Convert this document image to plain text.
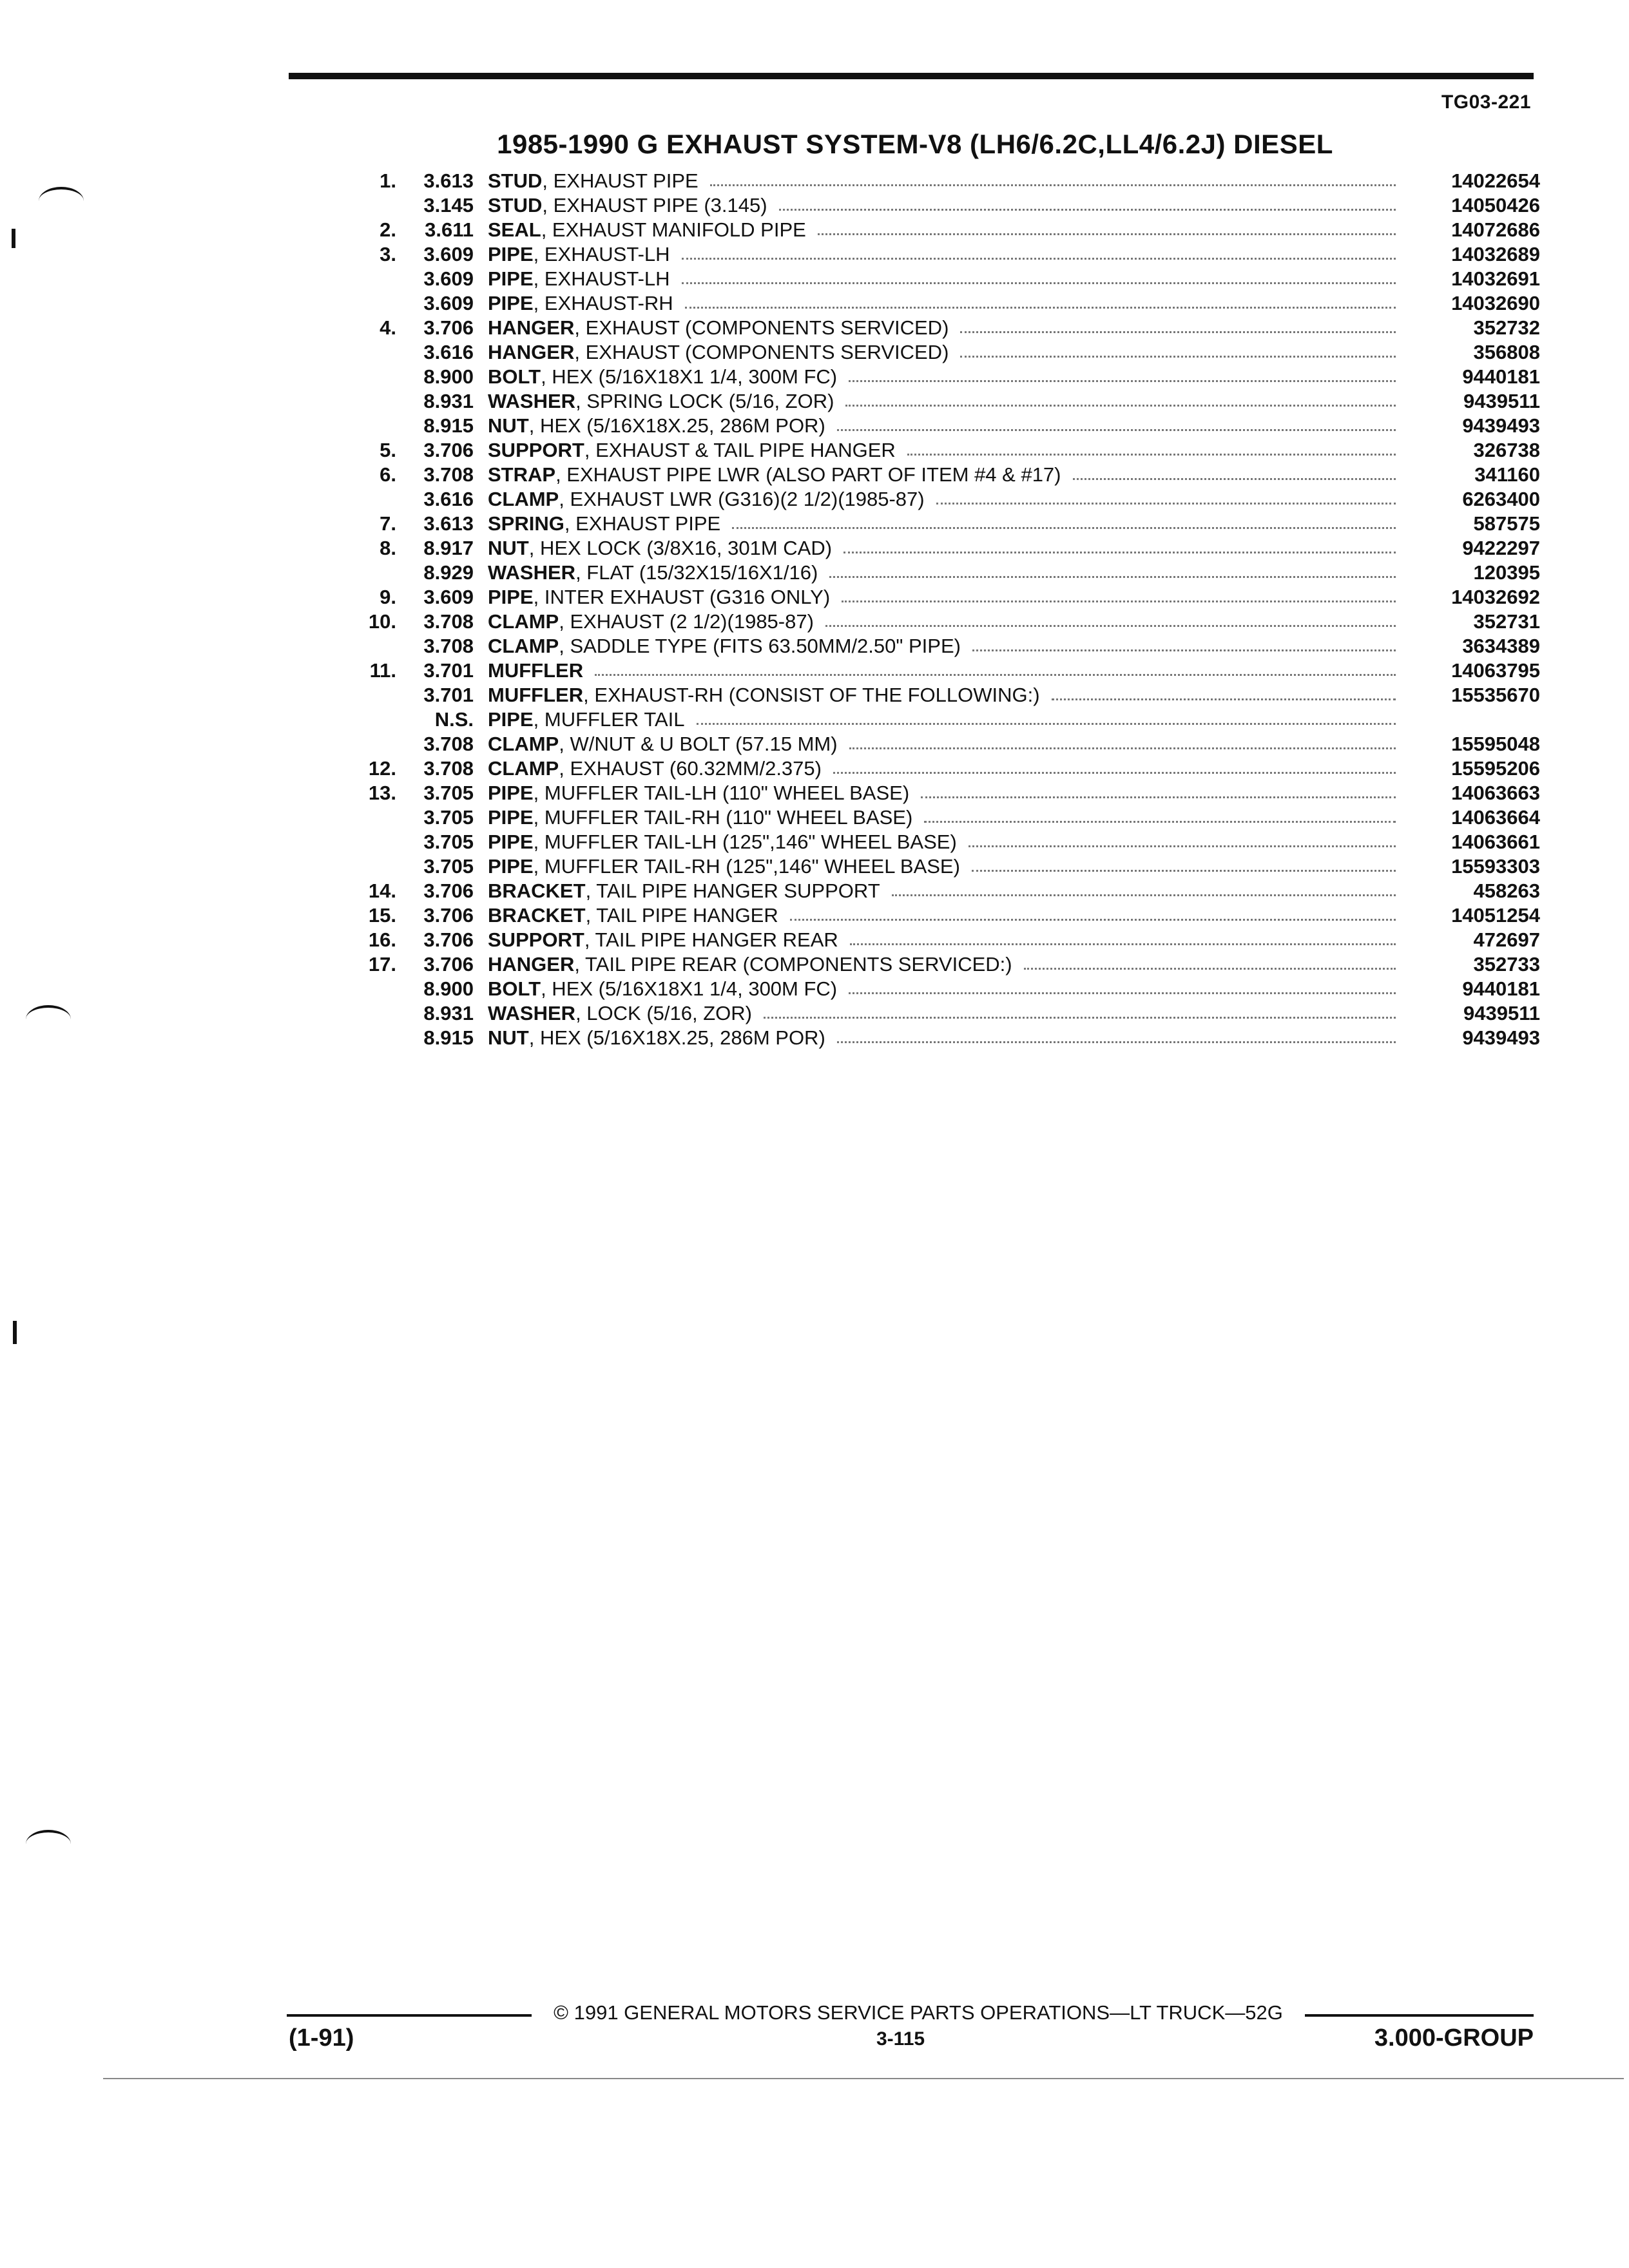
TG03-221
1985-1990 G EXHAUST SYSTEM-V8 (LH6/6.2C,LL4/6.2J) DIESEL
1.	3.613 STUD, EXHAUST PIPE	14022654
3.145 STUD, EXHAUST PIPE (3.145)	14050426
2.	3.611 SEAL, EXHAUST MANIFOLD PIPE	14072686
3.	3.609 PIPE, EXHAUST-LH	14032689
3.609 PIPE, EXHAUST-LH	14032691
3.609 PIPE, EXHAUST-RH	14032690
4.	3.706 HANGER, EXHAUST (COMPONENTS SERVICED)	352732
3.616 HANGER, EXHAUST (COMPONENTS SERVICED)	356808
8.900 BOLT, HEX (5/16X18X1 1/4, 300M FC)	9440181
8.931 WASHER, SPRING LOCK (5/16, ZOR)	9439511
8.915 NUT, HEX (5/16X18X.25, 286M POR)	9439493
5.	3.706 SUPPORT, EXHAUST & TAIL PIPE HANGER	326738
6.	3.708 STRAP, EXHAUST PIPE LWR (ALSO PART OF ITEM #4 & #17)	341160
3.616 CLAMP, EXHAUST LWR (G316)(2 1/2)(1985-87)	6263400
7.	3.613 SPRING, EXHAUST PIPE	587575
8.	8.917 NUT, HEX LOCK (3/8X16, 301M CAD)	9422297
8.929 WASHER, FLAT (15/32X15/16X1/16)	120395
9.	3.609 PIPE, INTER EXHAUST (G316 ONLY)	14032692
10.	3.708 CLAMP, EXHAUST (2 1/2)(1985-87)	352731
3.708 CLAMP, SADDLE TYPE (FITS 63.50MM/2.50" PIPE)	3634389
11.	3.701 MUFFLER	14063795
3.701 MUFFLER, EXHAUST-RH (CONSIST OF THE FOLLOWING:)	15535670
N.S. PIPE, MUFFLER TAIL
3.708 CLAMP, W/NUT & U BOLT (57.15 MM)	15595048
12.	3.708 CLAMP, EXHAUST (60.32MM/2.375)	15595206
13.	3.705 PIPE, MUFFLER TAIL-LH (110" WHEEL BASE)	14063663
3.705 PIPE, MUFFLER TAIL-RH (110" WHEEL BASE)	14063664
3.705 PIPE, MUFFLER TAIL-LH (125",146" WHEEL BASE)	14063661
3.705 PIPE, MUFFLER TAIL-RH (125",146" WHEEL BASE)	15593303
14.	3.706 BRACKET, TAIL PIPE HANGER SUPPORT	458263
15.	3.706 BRACKET, TAIL PIPE HANGER	14051254
16.	3.706 SUPPORT, TAIL PIPE HANGER REAR	472697
17.	3.706 HANGER, TAIL PIPE REAR (COMPONENTS SERVICED:)	352733
8.900 BOLT, HEX (5/16X18X1 1/4, 300M FC)	9440181
8.931 WASHER, LOCK (5/16, ZOR)	9439511
8.915 NUT, HEX (5/16X18X.25, 286M POR)	9439493
© 1991 GENERAL MOTORS SERVICE PARTS OPERATIONS—LT TRUCK—52G
(1-91)	3-115	3.000-GROUP
